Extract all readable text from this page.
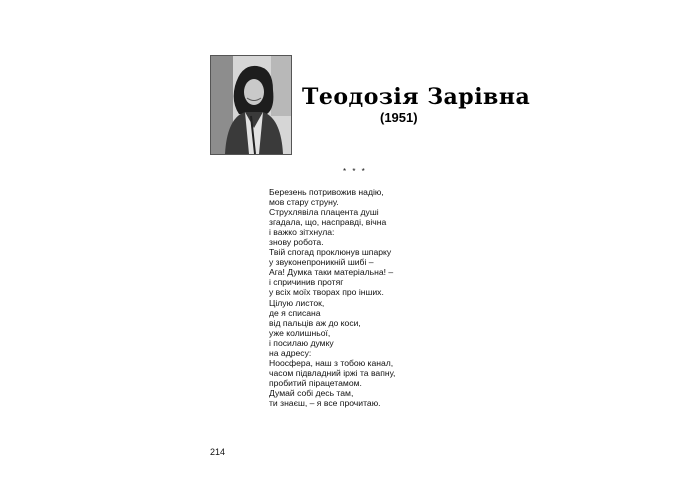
Теодозія Зарівна
(1951)
* * *
Березень потривожив надію,
мов стару струну.
Струхлявіла плацента душі
згадала, що, насправді, вічна
і важко зітхнула:
знову робота.
Твій спогад проклюнув шпарку
у звуконепроникній шибі –
Ага! Думка таки матеріальна! –
і спричинив протяг
у всіх моїх творах про інших.
Цілую листок,
де я списана
від пальців аж до коси,
уже колишньої,
і посилаю думку
на адресу:
Ноосфера, наш з тобою канал,
часом підвладний іржі та вапну,
пробитий пірацетамом.
Думай собі десь там,
ти знаєш, – я все прочитаю.
214
